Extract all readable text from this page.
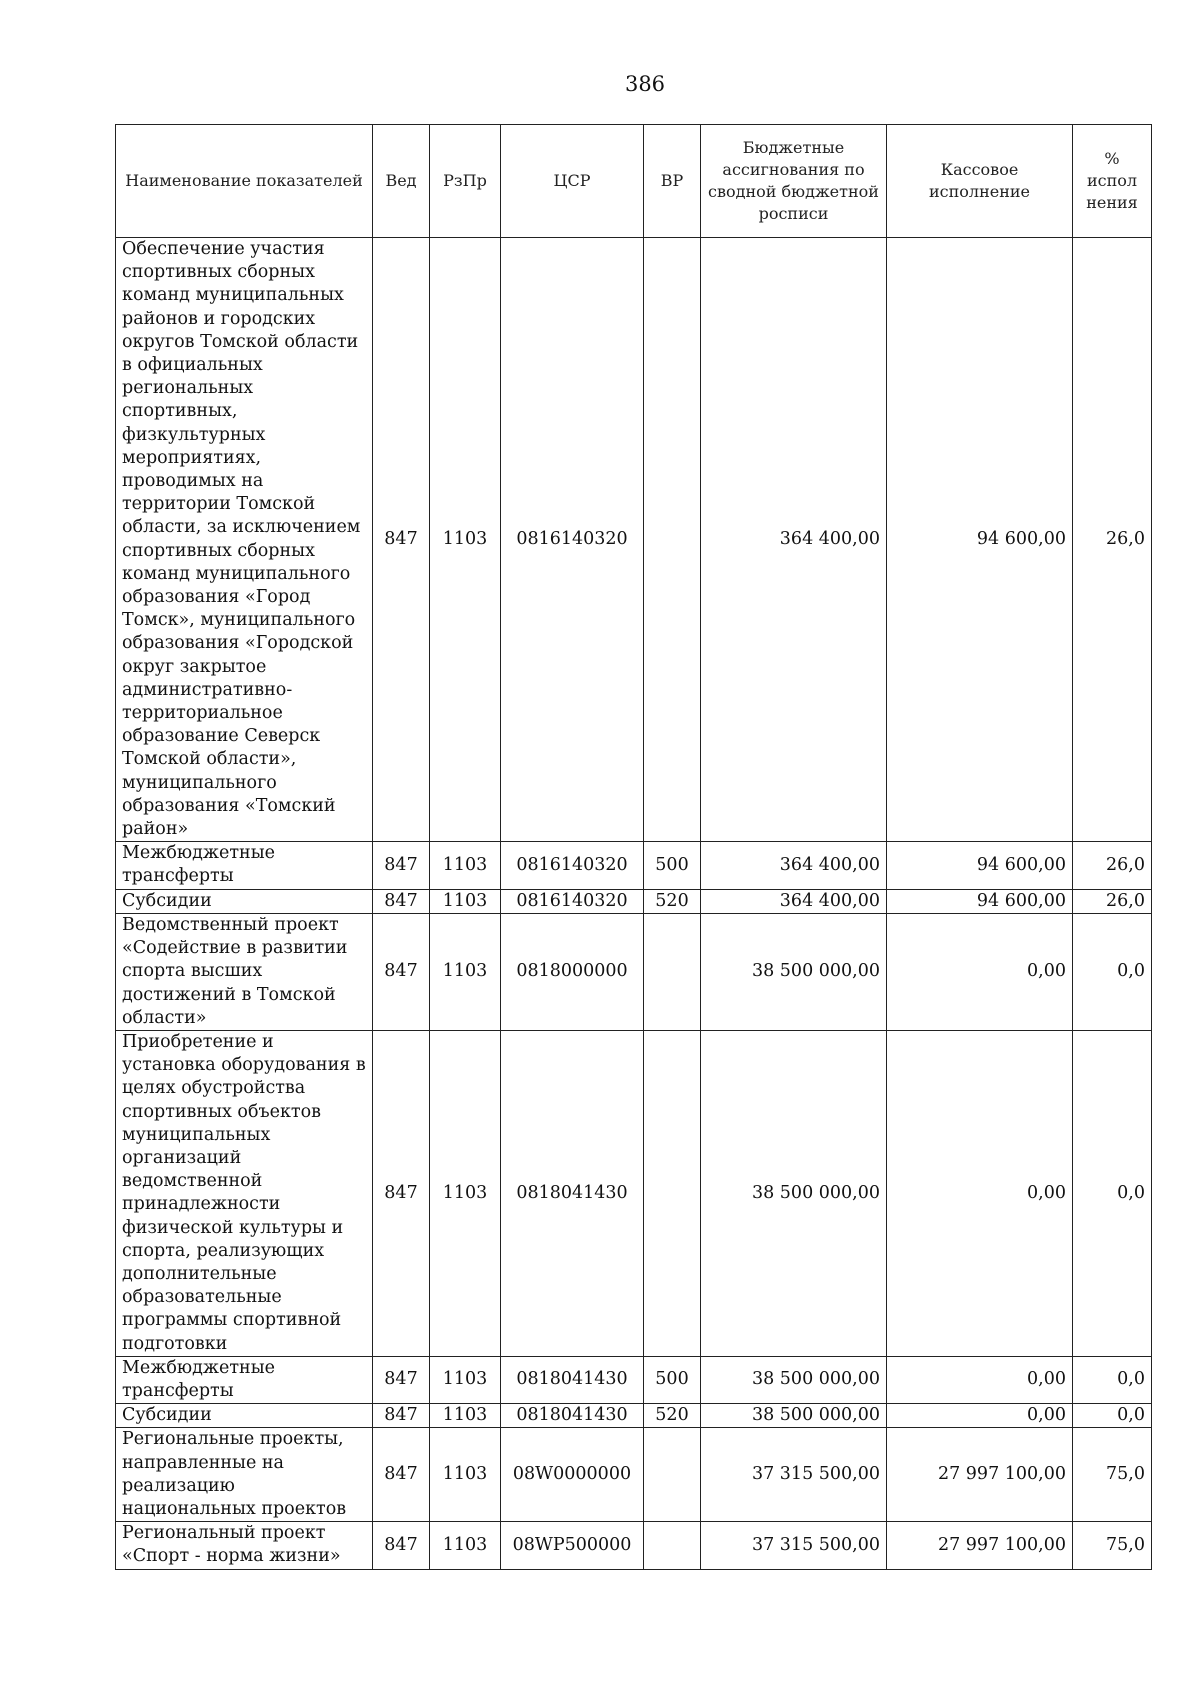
386
Наименование показателей	Вед	РзПр	ЦСР	ВР	Бюджетные ассигнования по сводной бюджетной росписи	Кассовое исполнение	% испол нения
Обеспечение участия спортивных сборных команд муниципальных районов и городских округов Томской области в официальных региональных спортивных, физкультурных мероприятиях, проводимых на территории Томской области, за исключением спортивных сборных команд муниципального образования «Город Томск», муниципального образования «Городской округ закрытое административно-территориальное образование Северск Томской области», муниципального образования «Томский район»	847	1103	0816140320		364 400,00	94 600,00	26,0
Межбюджетные трансферты	847	1103	0816140320	500	364 400,00	94 600,00	26,0
Субсидии	847	1103	0816140320	520	364 400,00	94 600,00	26,0
Ведомственный проект «Содействие в развитии спорта высших достижений в Томской области»	847	1103	0818000000		38 500 000,00	0,00	0,0
Приобретение и установка оборудования в целях обустройства спортивных объектов муниципальных организаций ведомственной принадлежности физической культуры и спорта, реализующих дополнительные образовательные программы спортивной подготовки	847	1103	0818041430		38 500 000,00	0,00	0,0
Межбюджетные трансферты	847	1103	0818041430	500	38 500 000,00	0,00	0,0
Субсидии	847	1103	0818041430	520	38 500 000,00	0,00	0,0
Региональные проекты, направленные на реализацию национальных проектов	847	1103	08W0000000		37 315 500,00	27 997 100,00	75,0
Региональный проект «Спорт - норма жизни»	847	1103	08WP500000		37 315 500,00	27 997 100,00	75,0
